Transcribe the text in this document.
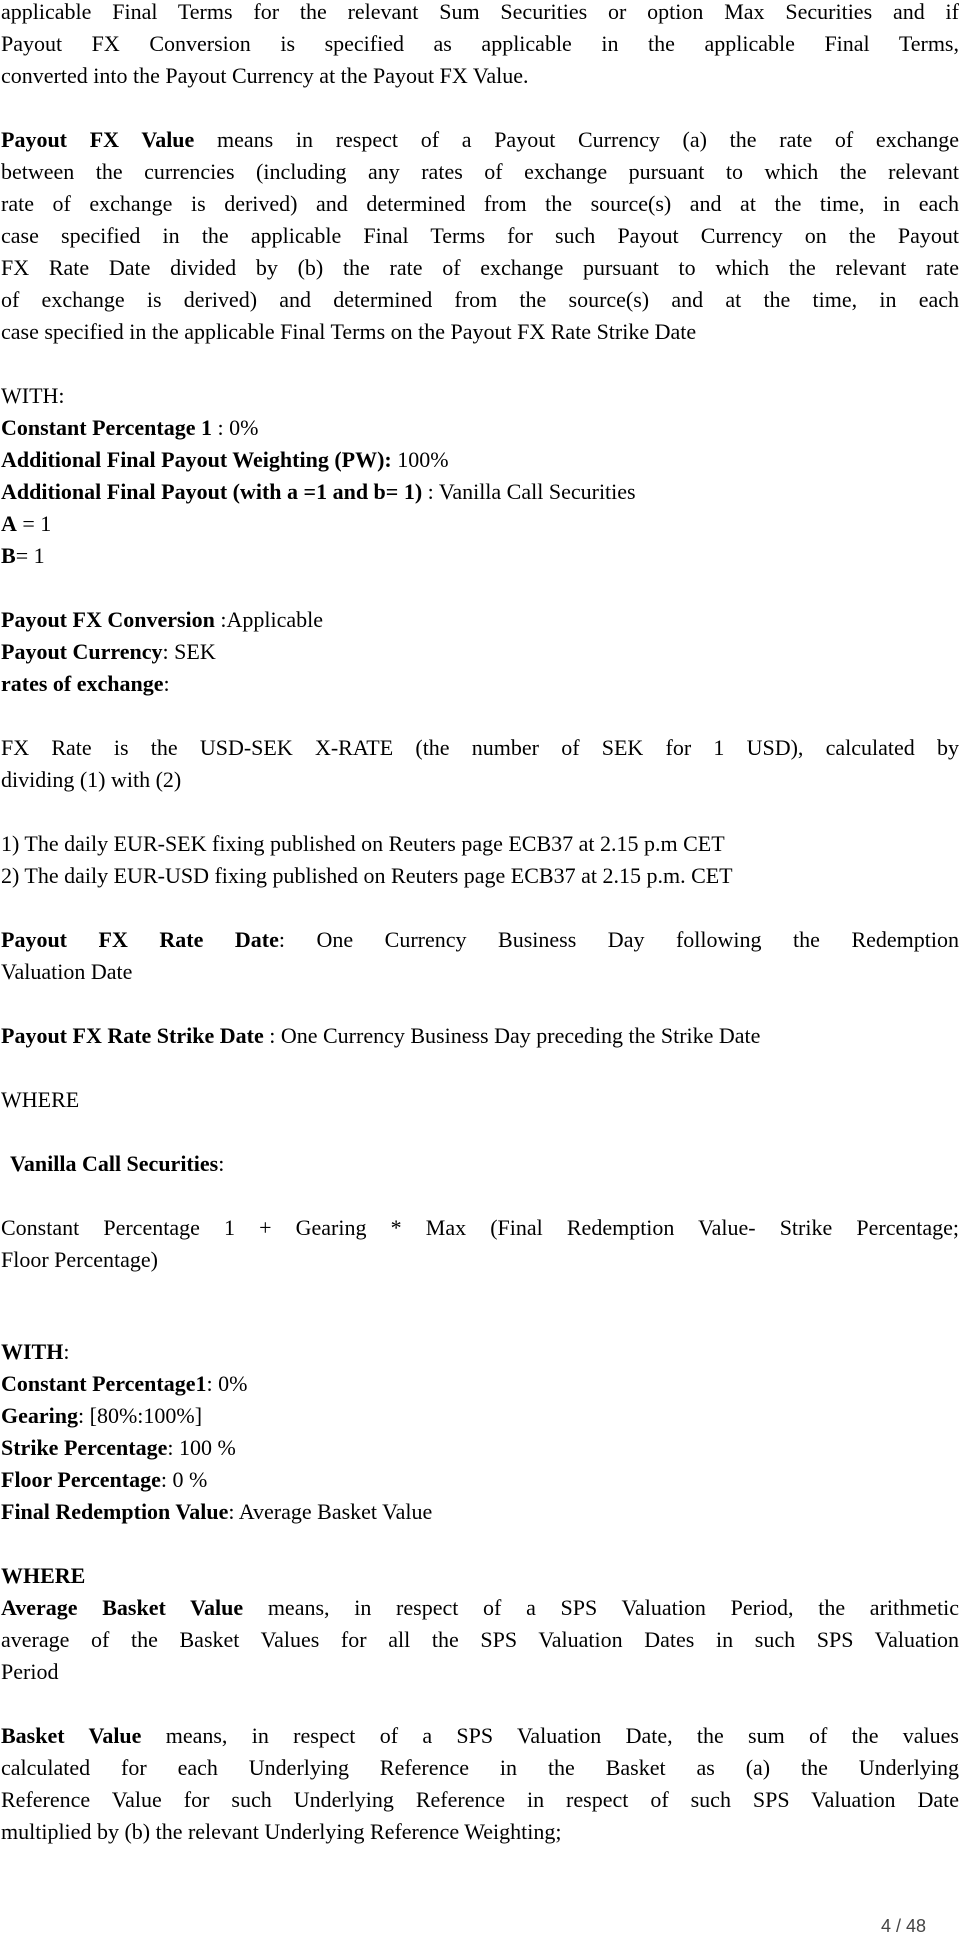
applicable Final Terms for the relevant Sum Securities or option Max Securities and if

Payout FX Conversion is specified as applicable in the applicable Final Terms,

converted into the Payout Currency at the Payout FX Value.

Payout FX Value means in respect of a Payout Currency (a) the rate of exchange

between the currencies (including any rates of exchange pursuant to which the relevant

rate of exchange is derived) and determined from the source(s) and at the time, in each

case specified in the applicable Final Terms for such Payout Currency on the Payout

FX Rate Date divided by (b) the rate of exchange pursuant to which the relevant rate

of exchange is derived) and determined from the source(s) and at the time, in each

case specified in the applicable Final Terms on the Payout FX Rate Strike Date

WITH:

Constant Percentage 1 : 0%

Additional Final Payout Weighting (PW): 100%

Additional Final Payout (with a =1 and b= 1) : Vanilla Call Securities

A = 1

B= 1

Payout FX Conversion :Applicable

Payout Currency: SEK

rates of exchange:

FX Rate is the USD-SEK X-RATE (the number of SEK for 1 USD), calculated by

dividing (1) with (2)

1) The daily EUR-SEK fixing published on Reuters page ECB37 at 2.15 p.m CET

2) The daily EUR-USD fixing published on Reuters page ECB37 at 2.15 p.m. CET

Payout FX Rate Date: One Currency Business Day following the Redemption

Valuation Date

Payout FX Rate Strike Date : One Currency Business Day preceding the Strike Date

WHERE

Vanilla Call Securities:

Constant Percentage 1 + Gearing * Max (Final Redemption Value- Strike Percentage;

Floor Percentage)

WITH:

Constant Percentage1: 0%

Gearing: [80%:100%]

Strike Percentage: 100 %

Floor Percentage: 0 %

Final Redemption Value: Average Basket Value

WHERE

Average Basket Value means, in respect of a SPS Valuation Period, the arithmetic

average of the Basket Values for all the SPS Valuation Dates in such SPS Valuation

Period

Basket Value means, in respect of a SPS Valuation Date, the sum of the values

calculated for each Underlying Reference in the Basket as (a) the Underlying

Reference Value for such Underlying Reference in respect of such SPS Valuation Date

multiplied by (b) the relevant Underlying Reference Weighting;

4 / 48
